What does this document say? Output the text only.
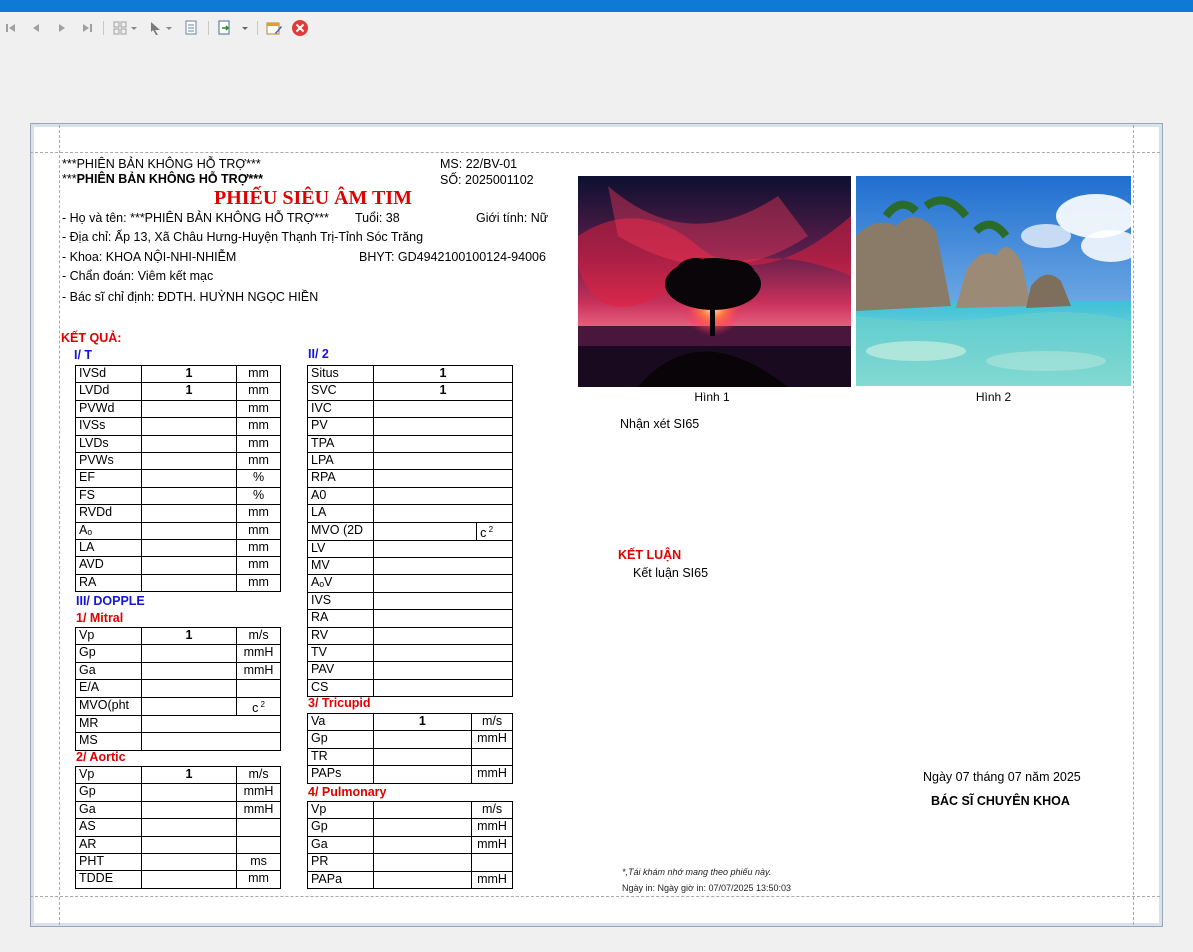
***PHIÊN BẢN KHÔNG HỖ TRỢ***
***PHIÊN BẢN KHÔNG HỖ TRỢ***
MS: 22/BV-01
SỐ: 2025001102
PHIẾU SIÊU ÂM TIM
- Họ và tên: ***PHIÊN BẢN KHÔNG HỖ TRỢ*** Tuổi: 38	Giới tính: Nữ
- Địa chỉ: Ấp 13, Xã Châu Hưng-Huyện Thạnh Trị-Tỉnh Sóc Trăng
- Khoa: KHOA NỘI-NHI-NHIỄM	BHYT: GD4942100100124-94006
- Chẩn đoán: Viêm kết mạc
- Bác sĩ chỉ định: ĐDTH. HUỲNH NGỌC HIỀN
KẾT QUẢ:
I/ T	II/ 2
IVSd	1	mm
LVDd	1	mm
PVWd		mm
IVSs		mm
LVDs		mm
PVWs		mm
EF		%
FS		%
RVDd		mm
Aₒ		mm
LA		mm
AVD		mm
RA		mm
Situs	1	
SVC	1	
IVC		
PV		
TPA		
LPA		
RPA		
A0		
LA		
MVO (2D		c $^2$
LV		
MV		
AₒV		
IVS		
RA		
RV		
TV		
PAV		
CS		
III/ DOPPLE
1/ Mitral
Vp	1	m/s
Gp		mmH
Ga		mmH
E/A		
MVO(pht		c $^2$
MR		
MS		
2/ Aortic
Vp	1	m/s
Gp		mmH
Ga		mmH
AS		
AR		
PHT		ms
TDDE		mm
3/ Tricupid
Va	1	m/s
Gp		mmH
TR		
PAPs		mmH
4/ Pulmonary
Vp		m/s
Gp		mmH
Ga		mmH
PR		
PAPa		mmH
Hình 1	Hình 2
Nhận xét SI65
KẾT LUẬN
Kết luận SI65
Ngày 07 tháng 07 năm 2025
BÁC SĨ CHUYÊN KHOA
*,Tái khám nhớ mang theo phiếu này.
Ngày in: Ngày giờ in: 07/07/2025 13:50:03
